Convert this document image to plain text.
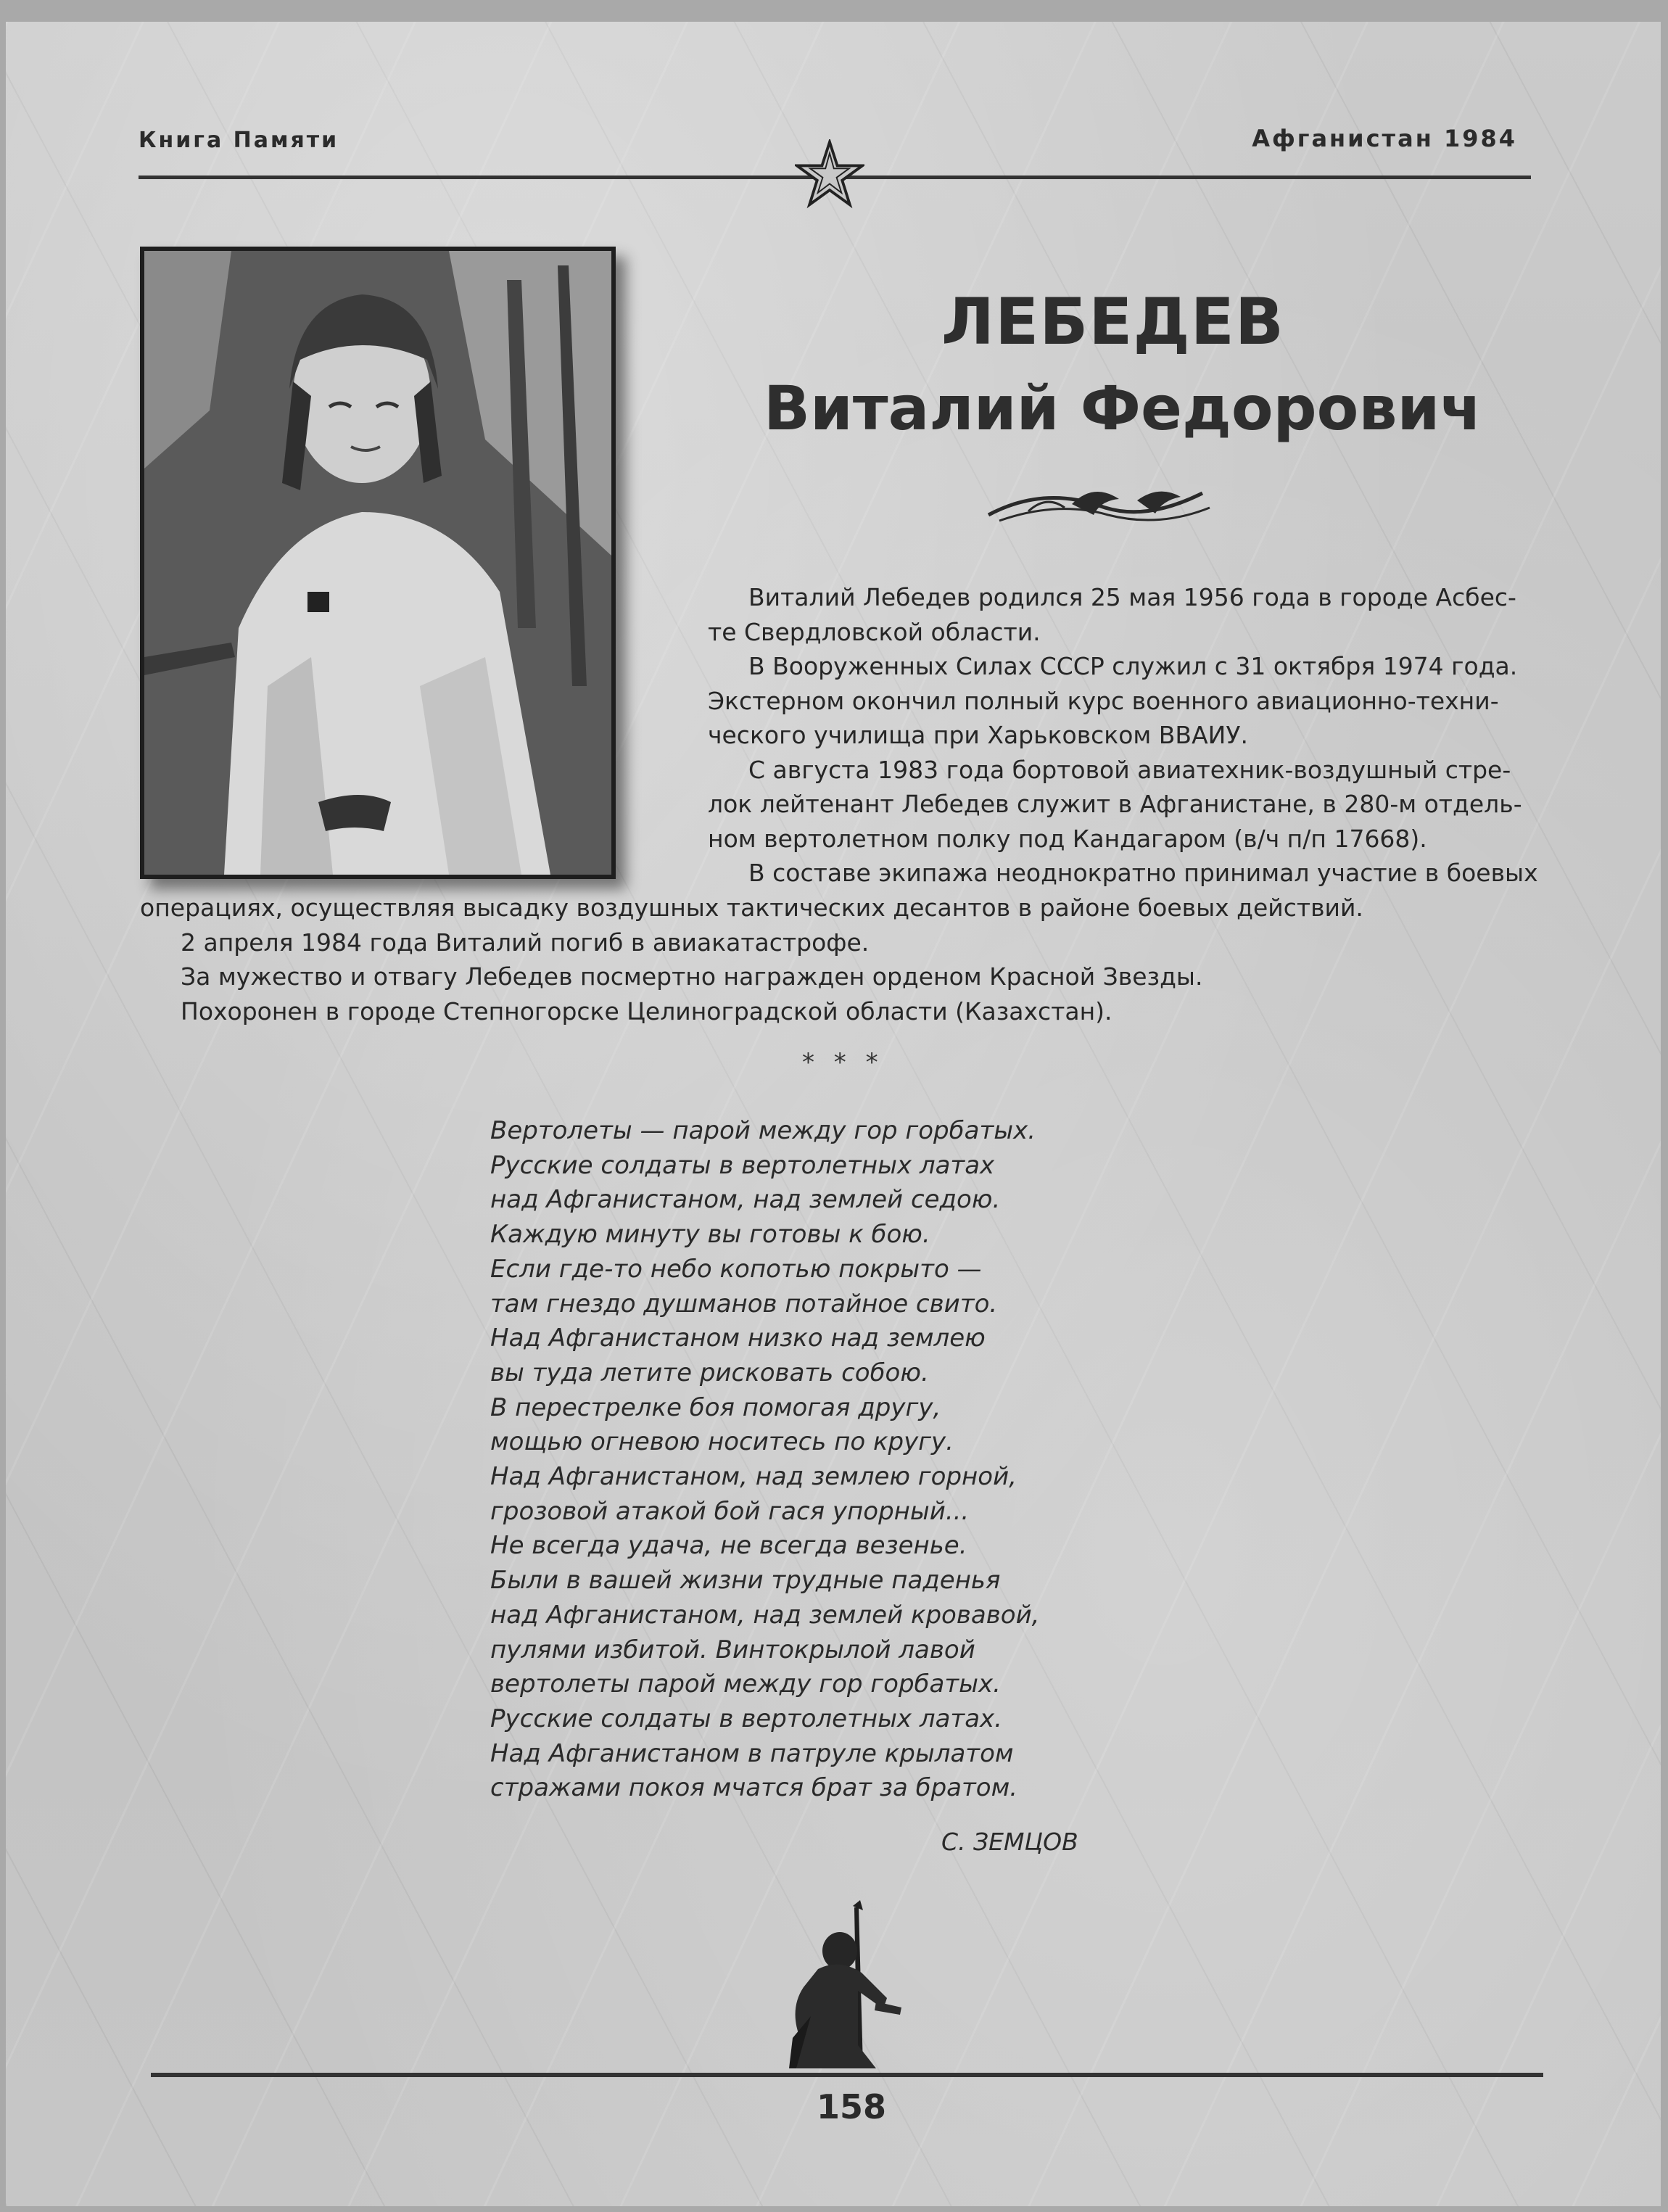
Книга Памяти	Афганистан 1984
ЛЕБЕДЕВ
Виталий Федорович

Виталий Лебедев родился 25 мая 1956 года в городе Асбес-

те Свердловской области.

В Вооруженных Силах СССР служил с 31 октября 1974 года.

Экстерном окончил полный курс военного авиационно-техни-

ческого училища при Харьковском ВВАИУ.

С августа 1983 года бортовой авиатехник-воздушный стре-

лок лейтенант Лебедев служит в Афганистане, в 280-м отдель-

ном вертолетном полку под Кандагаром (в/ч п/п 17668).

В составе экипажа неоднократно принимал участие в боевых

операциях, осуществляя высадку воздушных тактических десантов в районе боевых действий.

2 апреля 1984 года Виталий погиб в авиакатастрофе.

За мужество и отвагу Лебедев посмертно награжден орденом Красной Звезды.

Похоронен в городе Степногорске Целиноградской области (Казахстан).

* * *
Вертолеты — парой между гор горбатых.
Русские солдаты в вертолетных латах
над Афганистаном, над землей седою.
Каждую минуту вы готовы к бою.
Если где-то небо копотью покрыто —
там гнездо душманов потайное свито.
Над Афганистаном низко над землею
вы туда летите рисковать собою.
В перестрелке боя помогая другу,
мощью огневою носитесь по кругу.
Над Афганистаном, над землею горной,
грозовой атакой бой гася упорный...
Не всегда удача, не всегда везенье.
Были в вашей жизни трудные паденья
над Афганистаном, над землей кровавой,
пулями избитой. Винтокрылой лавой
вертолеты парой между гор горбатых.
Русские солдаты в вертолетных латах.
Над Афганистаном в патруле крылатом
стражами покоя мчатся брат за братом.
С. ЗЕМЦОВ
158
